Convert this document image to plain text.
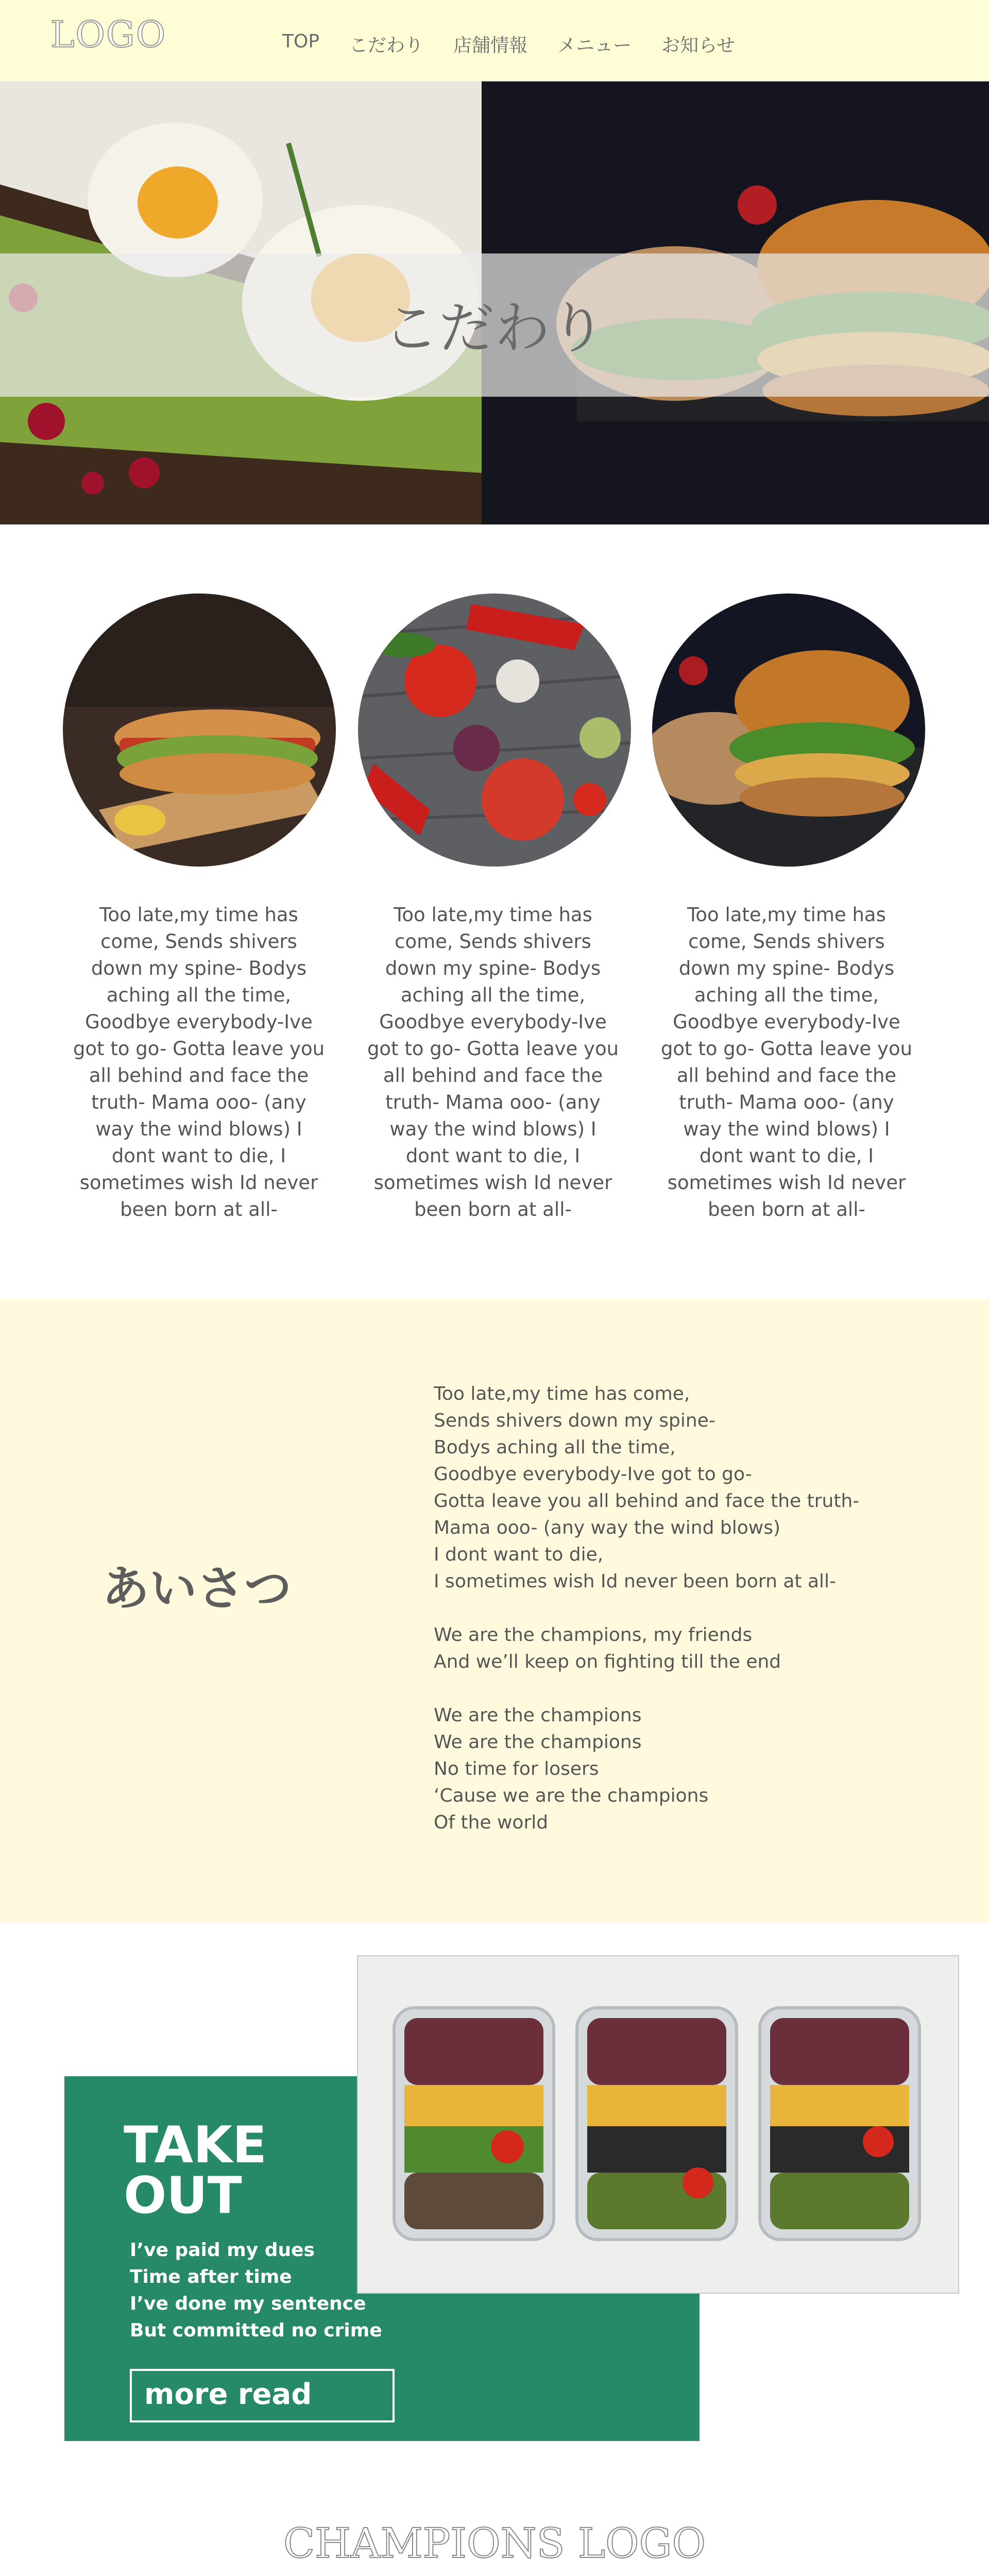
LOGO	TOP こだわり 店舗情報 メニュー お知らせ
こだわり
Too late,my time has come, Sends shivers down my spine- Bodys aching all the time, Goodbye everybody-Ive got to go- Gotta leave you all behind and face the truth- Mama ooo- (any way the wind blows) I dont want to die, I sometimes wish Id never been born at all-
Too late,my time has come, Sends shivers down my spine- Bodys aching all the time, Goodbye everybody-Ive got to go- Gotta leave you all behind and face the truth- Mama ooo- (any way the wind blows) I dont want to die, I sometimes wish Id never been born at all-
Too late,my time has come, Sends shivers down my spine- Bodys aching all the time, Goodbye everybody-Ive got to go- Gotta leave you all behind and face the truth- Mama ooo- (any way the wind blows) I dont want to die, I sometimes wish Id never been born at all-
あいさつ
Too late,my time has come,
Sends shivers down my spine-
Bodys aching all the time,
Goodbye everybody-Ive got to go-
Gotta leave you all behind and face the truth-
Mama ooo- (any way the wind blows)
I dont want to die,
I sometimes wish Id never been born at all-

We are the champions, my friends
And we’ll keep on fighting till the end

We are the champions
We are the champions
No time for losers
‘Cause we are the champions
Of the world
TAKE
OUT
I’ve paid my dues
Time after time
I’ve done my sentence
But committed no crime
more read
CHAMPIONS LOGO
